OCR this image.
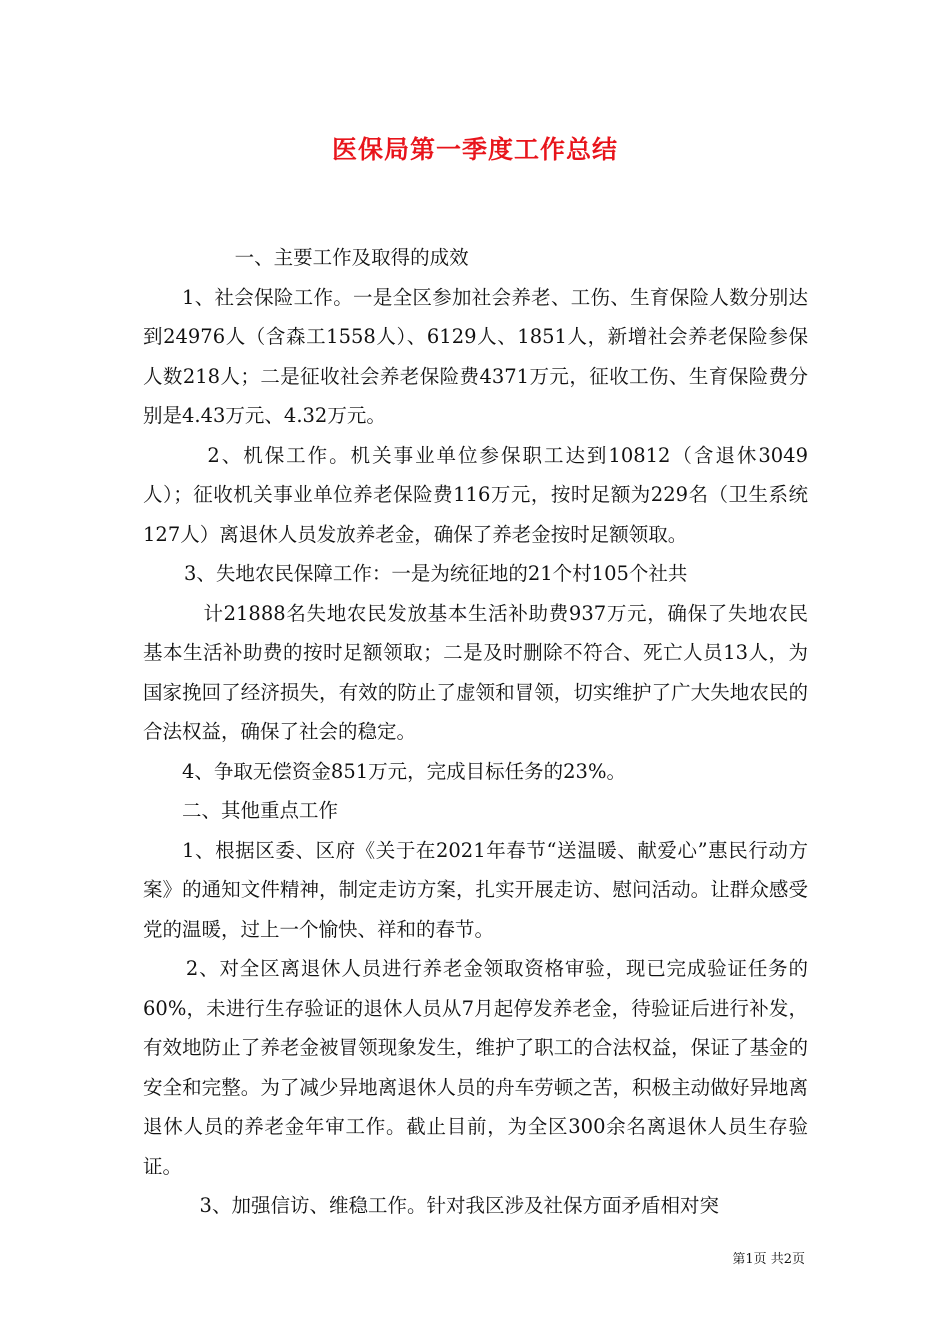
医保局第一季度工作总结

一、主要工作及取得的成效

1、社会保险工作。一是全区参加社会养老、工伤、生育保险人数分别达到24976人（含森工1558人）、6129人、1851人，新增社会养老保险参保人数218人；二是征收社会养老保险费4371万元，征收工伤、生育保险费分别是4.43万元、4.32万元。

2、机保工作。机关事业单位参保职工达到10812（含退休3049人）；征收机关事业单位养老保险费116万元，按时足额为229名（卫生系统127人）离退休人员发放养老金，确保了养老金按时足额领取。

3、失地农民保障工作：一是为统征地的21个村105个社共

计21888名失地农民发放基本生活补助费937万元，确保了失地农民基本生活补助费的按时足额领取；二是及时删除不符合、死亡人员13人，为国家挽回了经济损失，有效的防止了虚领和冒领，切实维护了广大失地农民的合法权益，确保了社会的稳定。

4、争取无偿资金851万元，完成目标任务的23%。

二、其他重点工作

1、根据区委、区府《关于在2021年春节“送温暖、献爱心”惠民行动方案》的通知文件精神，制定走访方案，扎实开展走访、慰问活动。让群众感受党的温暖，过上一个愉快、祥和的春节。

2、对全区离退休人员进行养老金领取资格审验，现已完成验证任务的60%，未进行生存验证的退休人员从7月起停发养老金，待验证后进行补发，有效地防止了养老金被冒领现象发生，维护了职工的合法权益，保证了基金的安全和完整。为了减少异地离退休人员的舟车劳顿之苦，积极主动做好异地离退休人员的养老金年审工作。截止目前，为全区300余名离退休人员生存验证。

3、加强信访、维稳工作。针对我区涉及社保方面矛盾相对突

第1页 共2页
